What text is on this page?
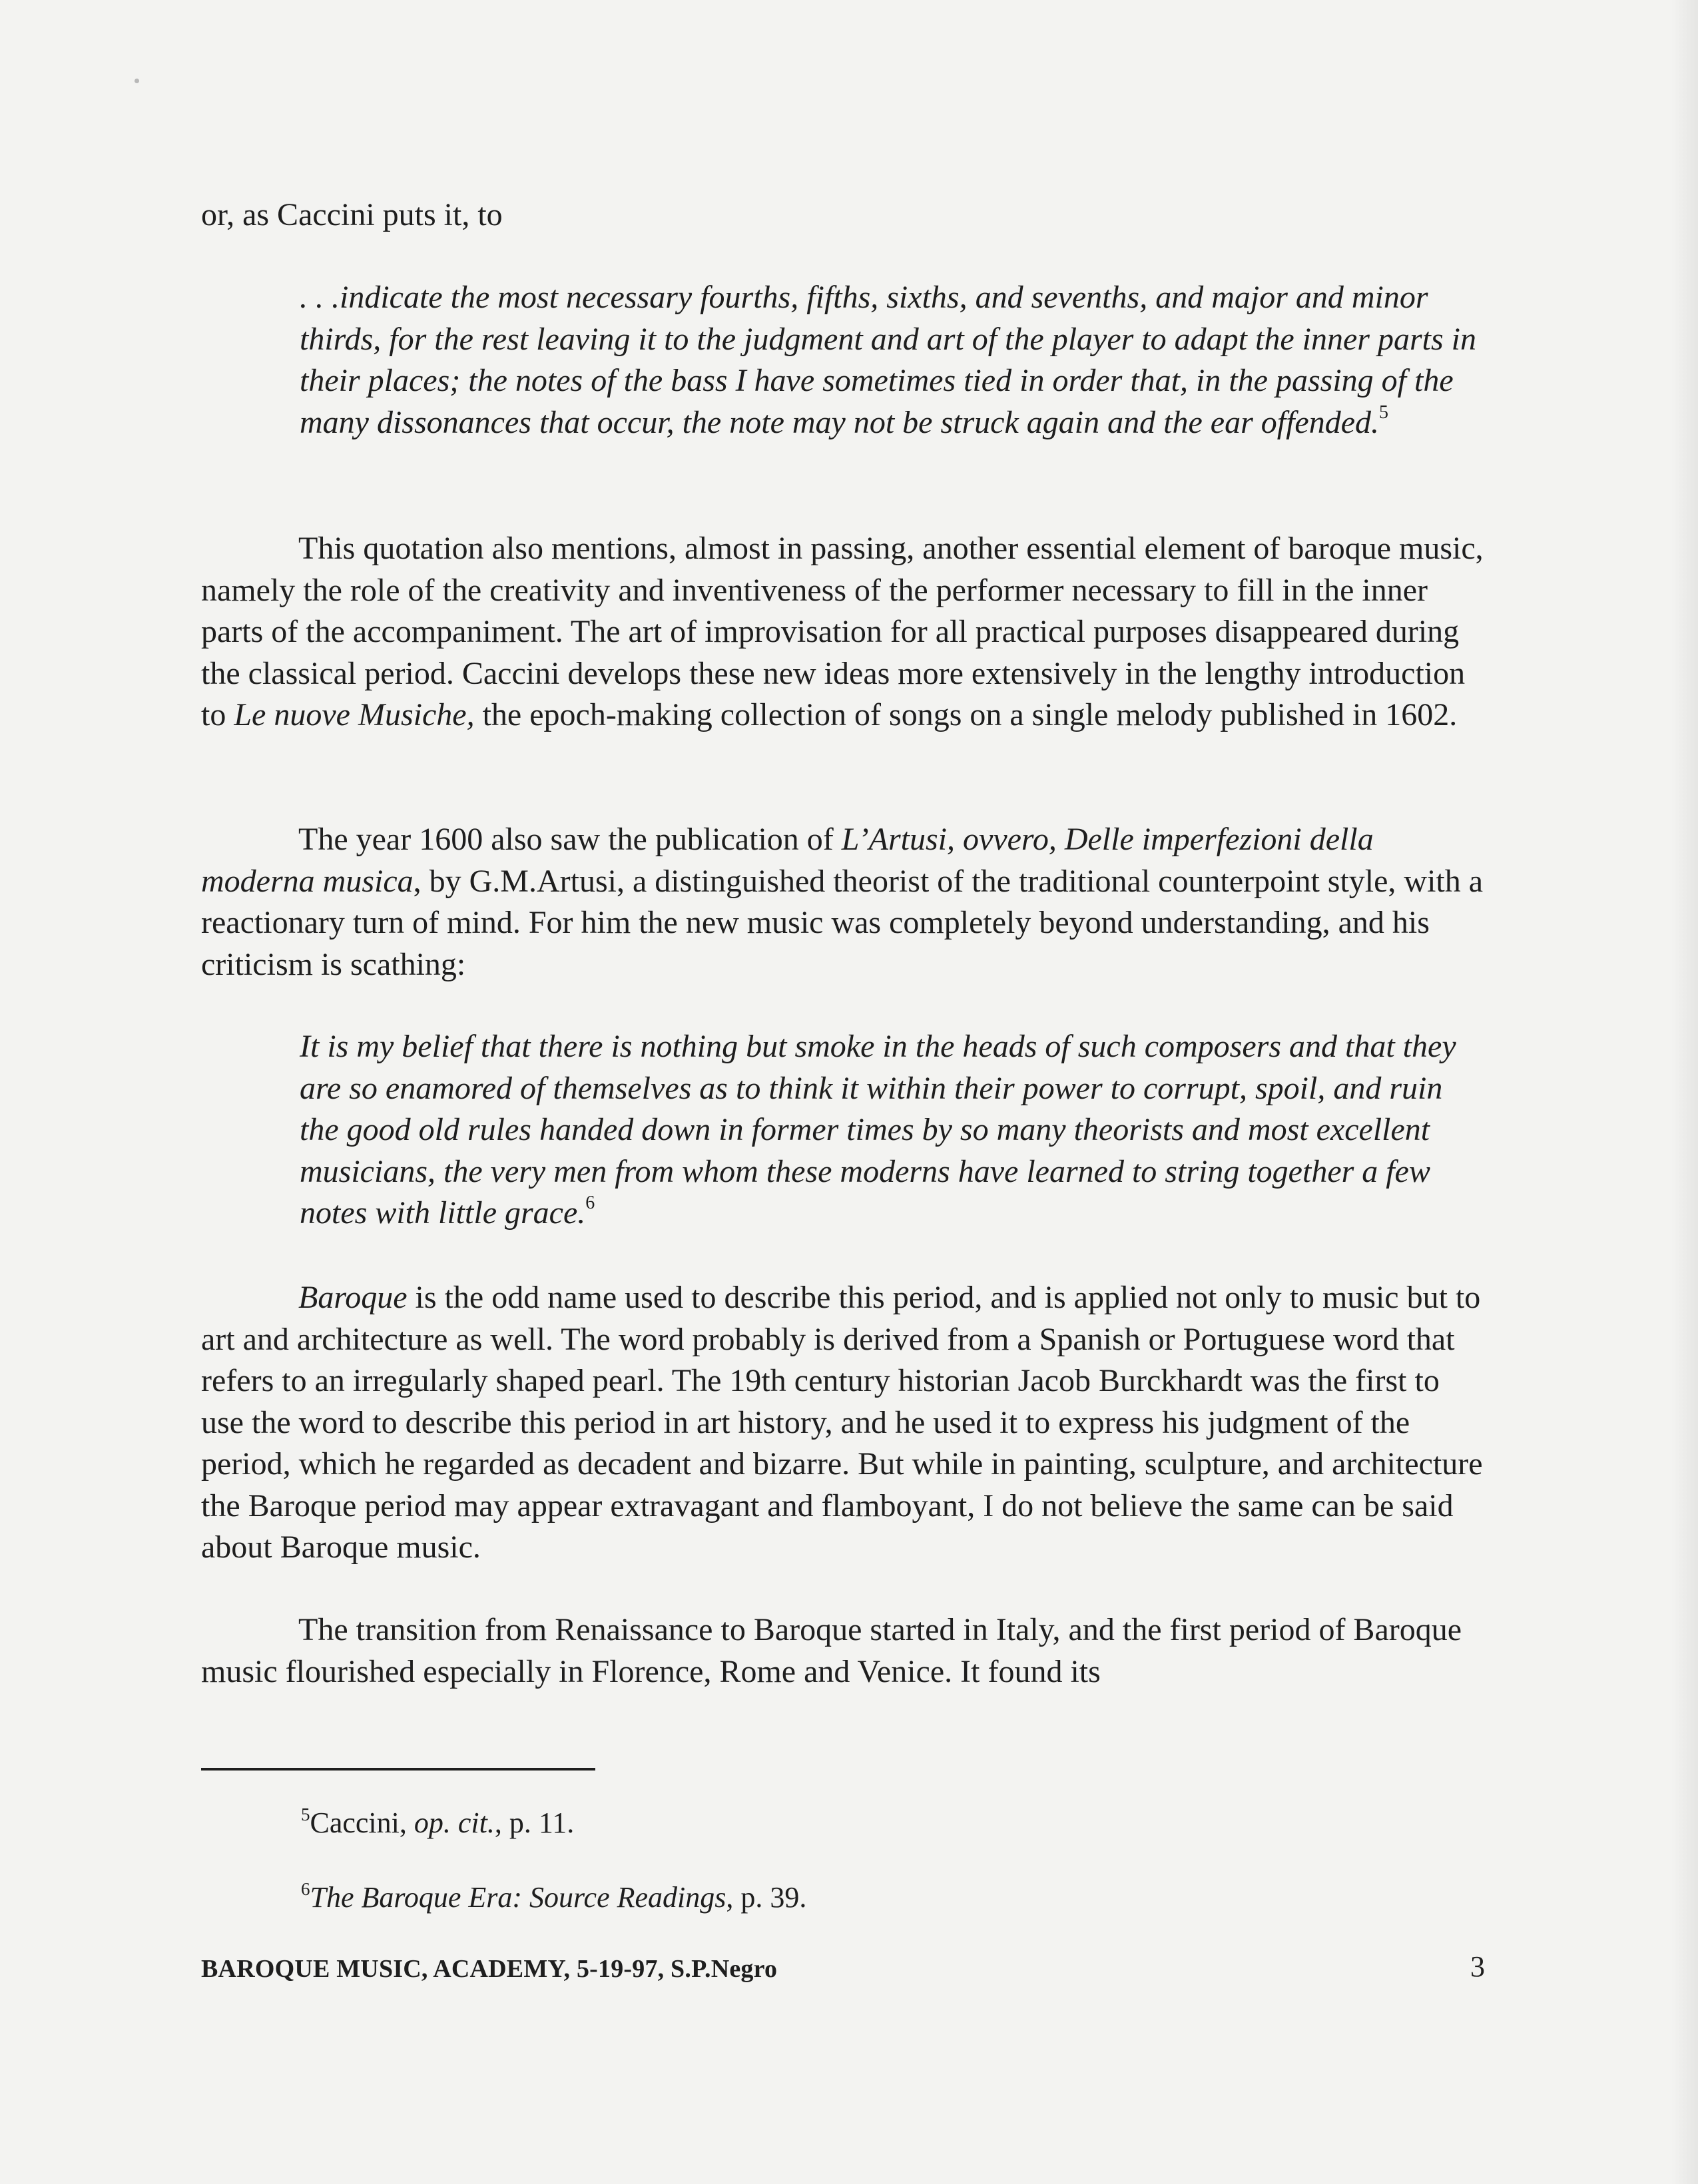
or, as Caccini puts it, to

. . .indicate the most necessary fourths, fifths, sixths, and sevenths, and major and minor thirds, for the rest leaving it to the judgment and art of the player to adapt the inner parts in their places; the notes of the bass I have sometimes tied in order that, in the passing of the many dissonances that occur, the note may not be struck again and the ear offended.$^5$

This quotation also mentions, almost in passing, another essential element of baroque music, namely the role of the creativity and inventiveness of the performer necessary to fill in the inner parts of the accompaniment. The art of improvisation for all practical purposes disappeared during the classical period. Caccini develops these new ideas more extensively in the lengthy introduction to Le nuove Musiche, the epoch-making collection of songs on a single melody published in 1602.

The year 1600 also saw the publication of L’Artusi, ovvero, Delle imperfezioni della moderna musica, by G.M.Artusi, a distinguished theorist of the traditional counterpoint style, with a reactionary turn of mind. For him the new music was completely beyond understanding, and his criticism is scathing:

It is my belief that there is nothing but smoke in the heads of such composers and that they are so enamored of themselves as to think it within their power to corrupt, spoil, and ruin the good old rules handed down in former times by so many theorists and most excellent musicians, the very men from whom these moderns have learned to string together a few notes with little grace.$^6$

Baroque is the odd name used to describe this period, and is applied not only to music but to art and architecture as well. The word probably is derived from a Spanish or Portuguese word that refers to an irregularly shaped pearl. The 19th century historian Jacob Burckhardt was the first to use the word to describe this period in art history, and he used it to express his judgment of the period, which he regarded as decadent and bizarre. But while in painting, sculpture, and architecture the Baroque period may appear extravagant and flamboyant, I do not believe the same can be said about Baroque music.

The transition from Renaissance to Baroque started in Italy, and the first period of Baroque music flourished especially in Florence, Rome and Venice. It found its

$^5$Caccini, op. cit., p. 11.
$^6$The Baroque Era: Source Readings, p. 39.
BAROQUE MUSIC, ACADEMY, 5-19-97, S.P.Negro	3
